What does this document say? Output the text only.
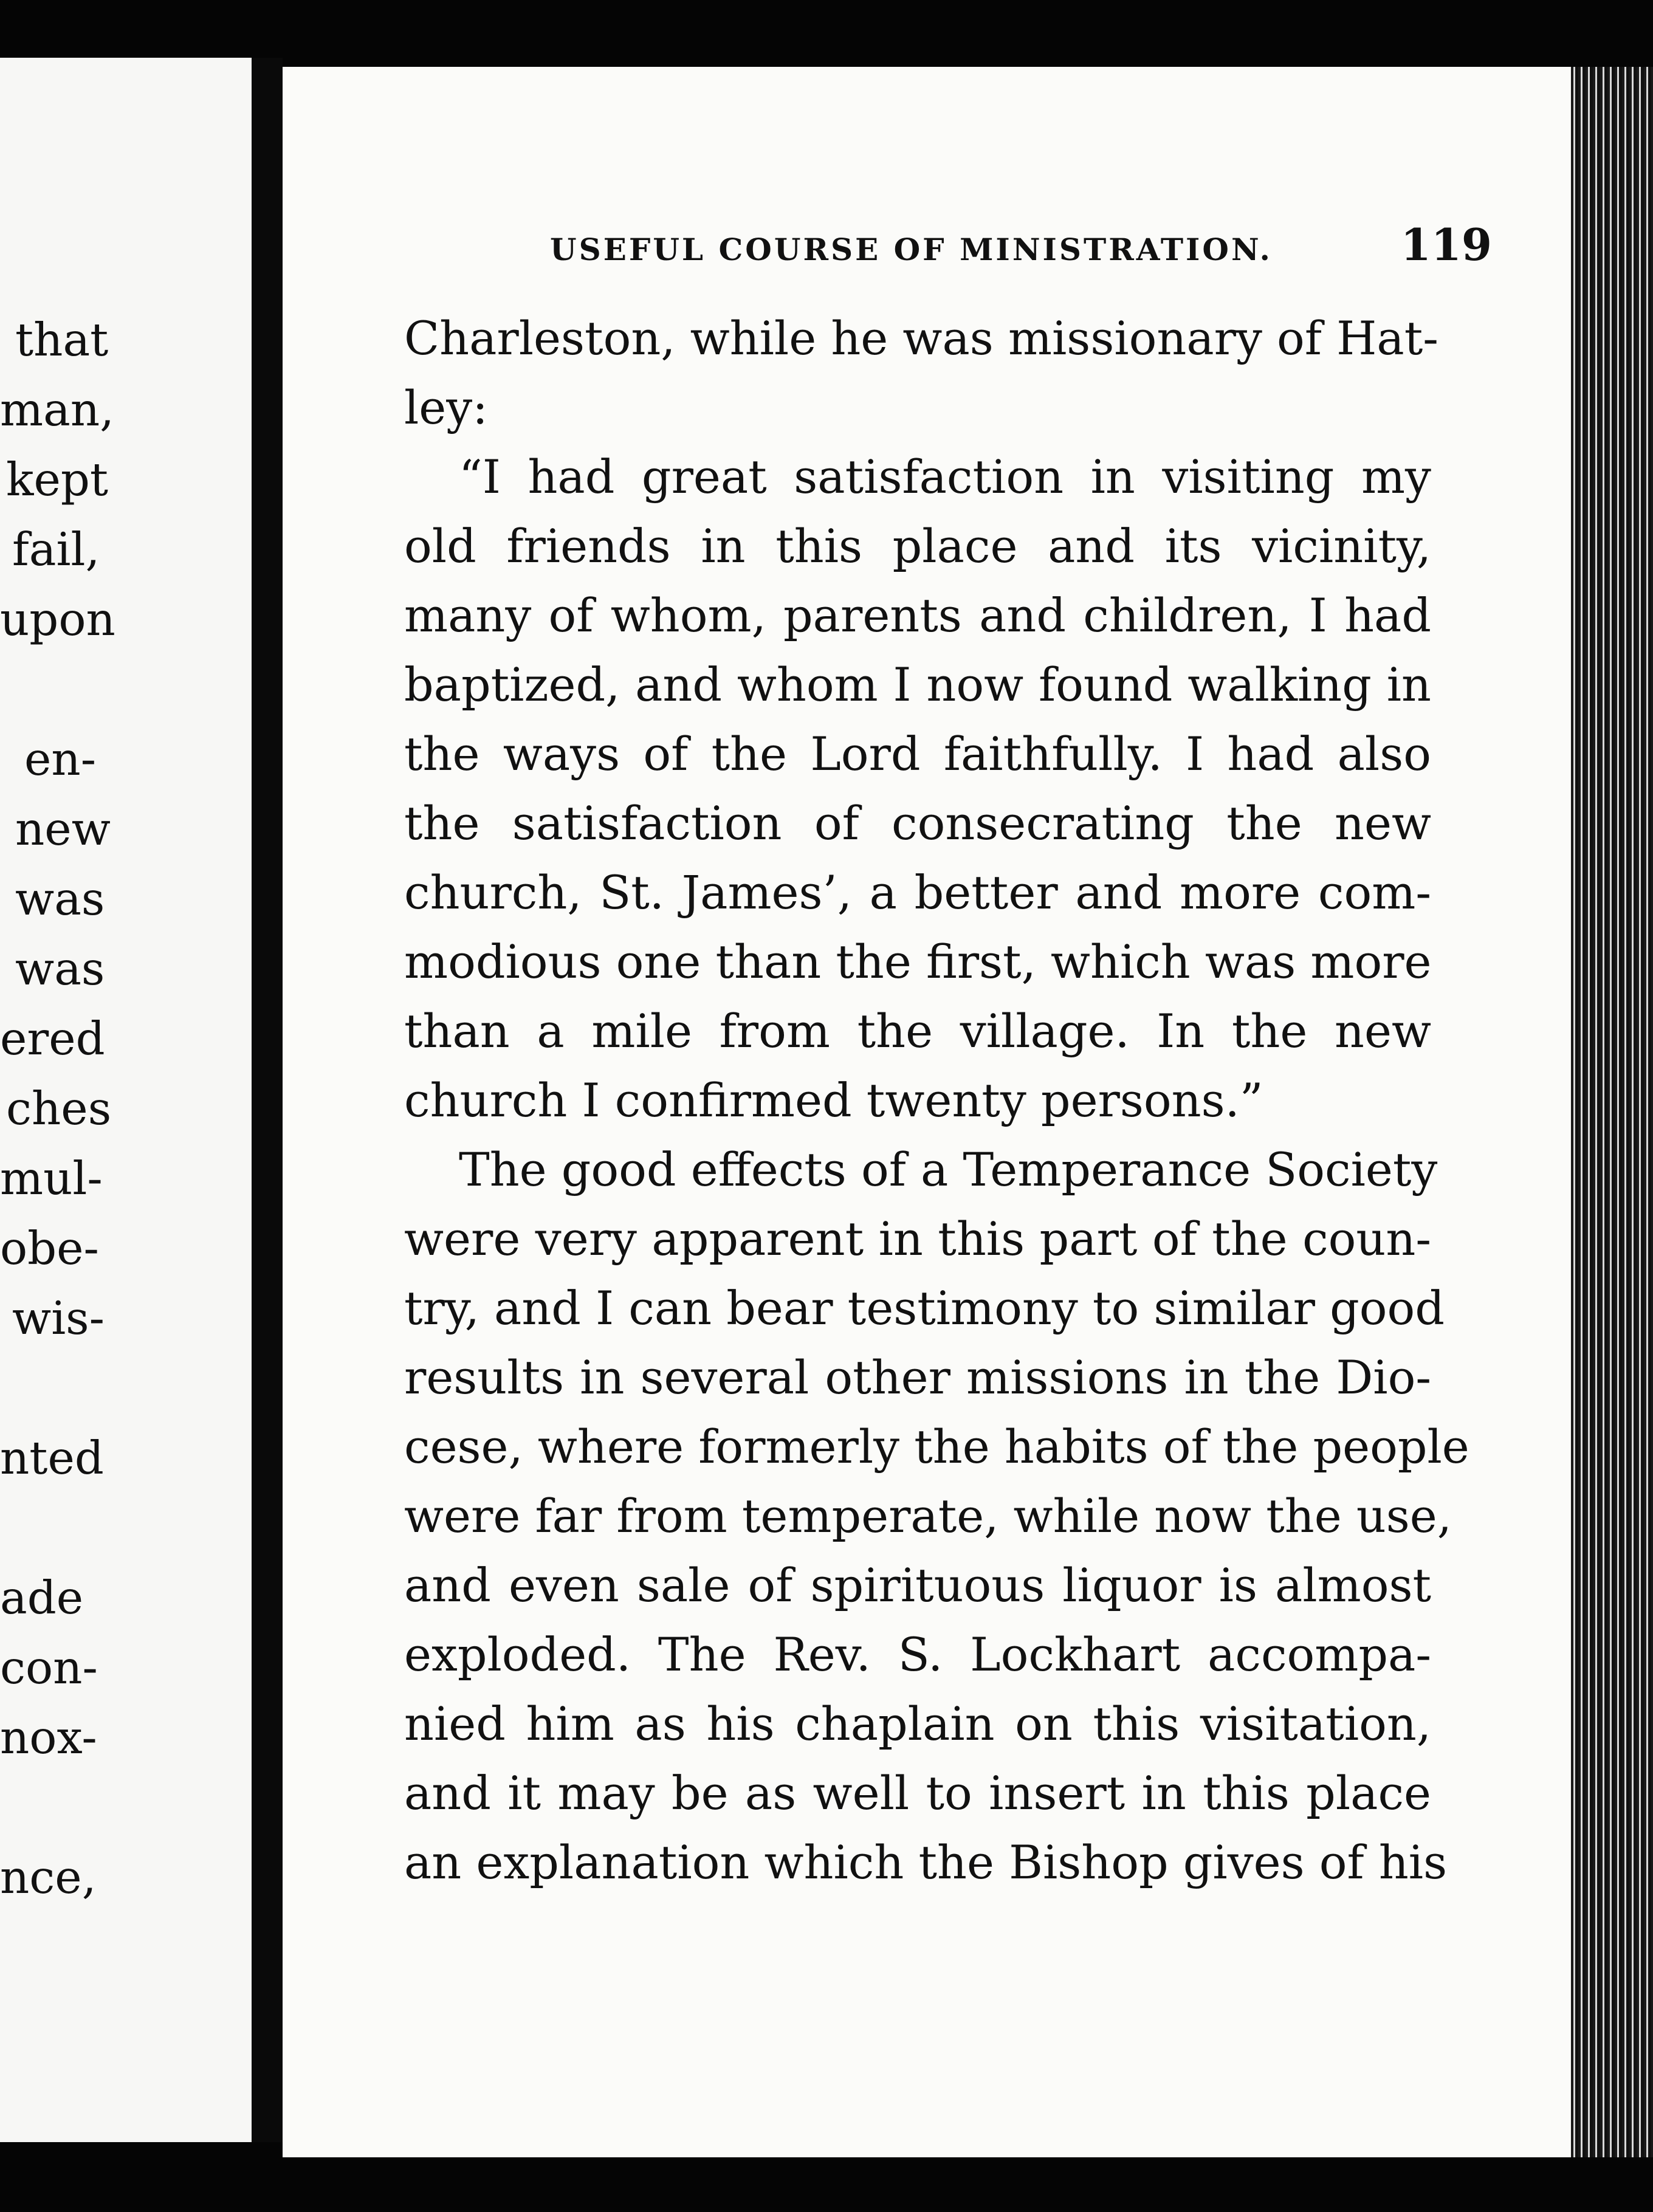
that
man,
kept
fail,
upon
en-
new
was
was
ered
ches
mul-
obe-
wis-
nted
ade
con-
nox-
nce,
USEFUL COURSE OF MINISTRATION.	119
Charleston, while he was missionary of Hat-
ley:
“I had great satisfaction in visiting my
old friends in this place and its vicinity,
many of whom, parents and children, I had
baptized, and whom I now found walking in
the ways of the Lord faithfully. I had also
the satisfaction of consecrating the new
church, St. James’, a better and more com-
modious one than the first, which was more
than a mile from the village. In the new
church I confirmed twenty persons.”
The good effects of a Temperance Society
were very apparent in this part of the coun-
try, and I can bear testimony to similar good
results in several other missions in the Dio-
cese, where formerly the habits of the people
were far from temperate, while now the use,
and even sale of spirituous liquor is almost
exploded. The Rev. S. Lockhart accompa-
nied him as his chaplain on this visitation,
and it may be as well to insert in this place
an explanation which the Bishop gives of his
